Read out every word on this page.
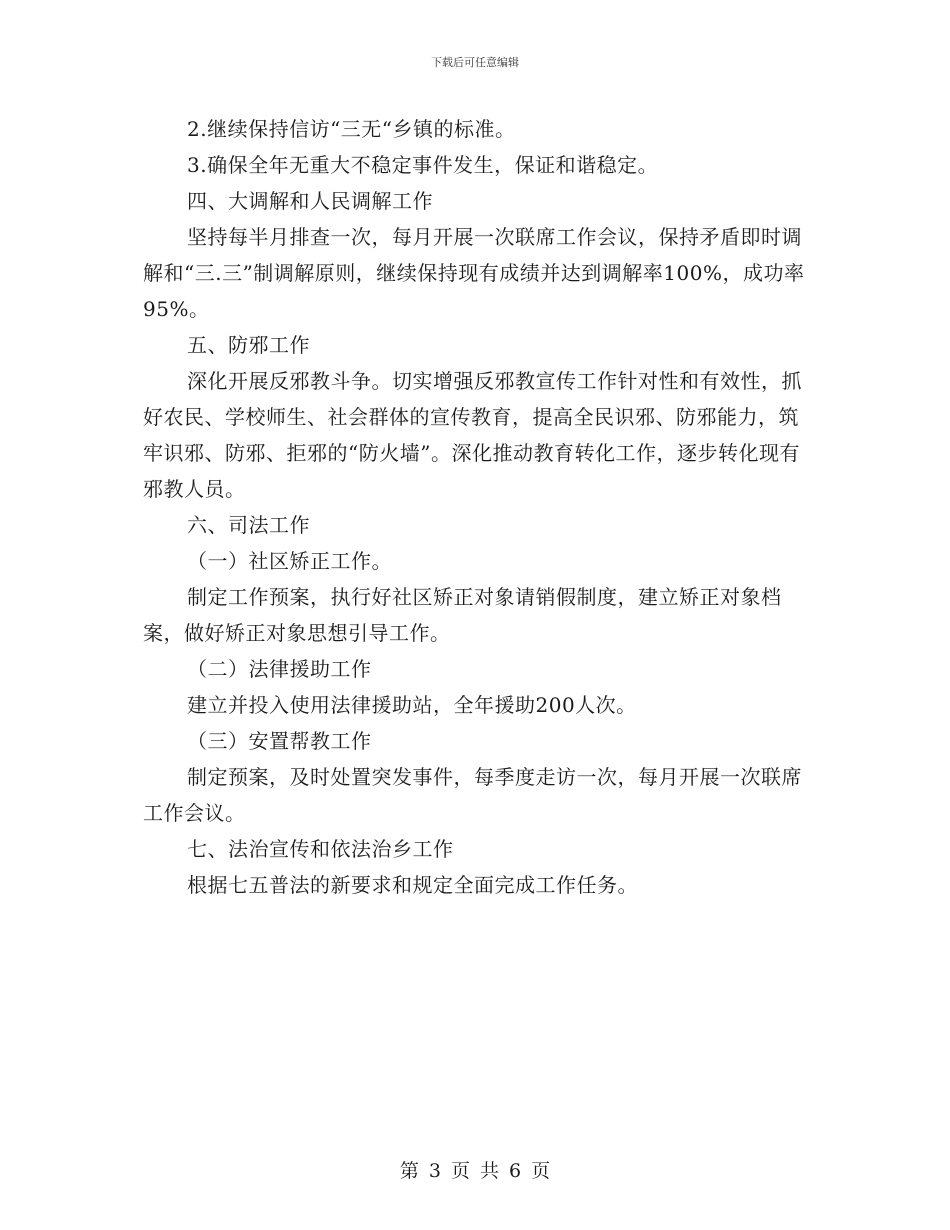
下载后可任意编辑

2.继续保持信访“三无“乡镇的标准。

3.确保全年无重大不稳定事件发生，保证和谐稳定。

四、大调解和人民调解工作

坚持每半月排查一次，每月开展一次联席工作会议，保持矛盾即时调解和“三.三”制调解原则，继续保持现有成绩并达到调解率100%，成功率95%。

五、防邪工作

深化开展反邪教斗争。切实增强反邪教宣传工作针对性和有效性，抓好农民、学校师生、社会群体的宣传教育，提高全民识邪、防邪能力，筑牢识邪、防邪、拒邪的“防火墙”。深化推动教育转化工作，逐步转化现有邪教人员。

六、司法工作

（一）社区矫正工作。

制定工作预案，执行好社区矫正对象请销假制度，建立矫正对象档案，做好矫正对象思想引导工作。

（二）法律援助工作

建立并投入使用法律援助站，全年援助200人次。

（三）安置帮教工作

制定预案，及时处置突发事件，每季度走访一次，每月开展一次联席工作会议。

七、法治宣传和依法治乡工作

根据七五普法的新要求和规定全面完成工作任务。

第 3 页 共 6 页
